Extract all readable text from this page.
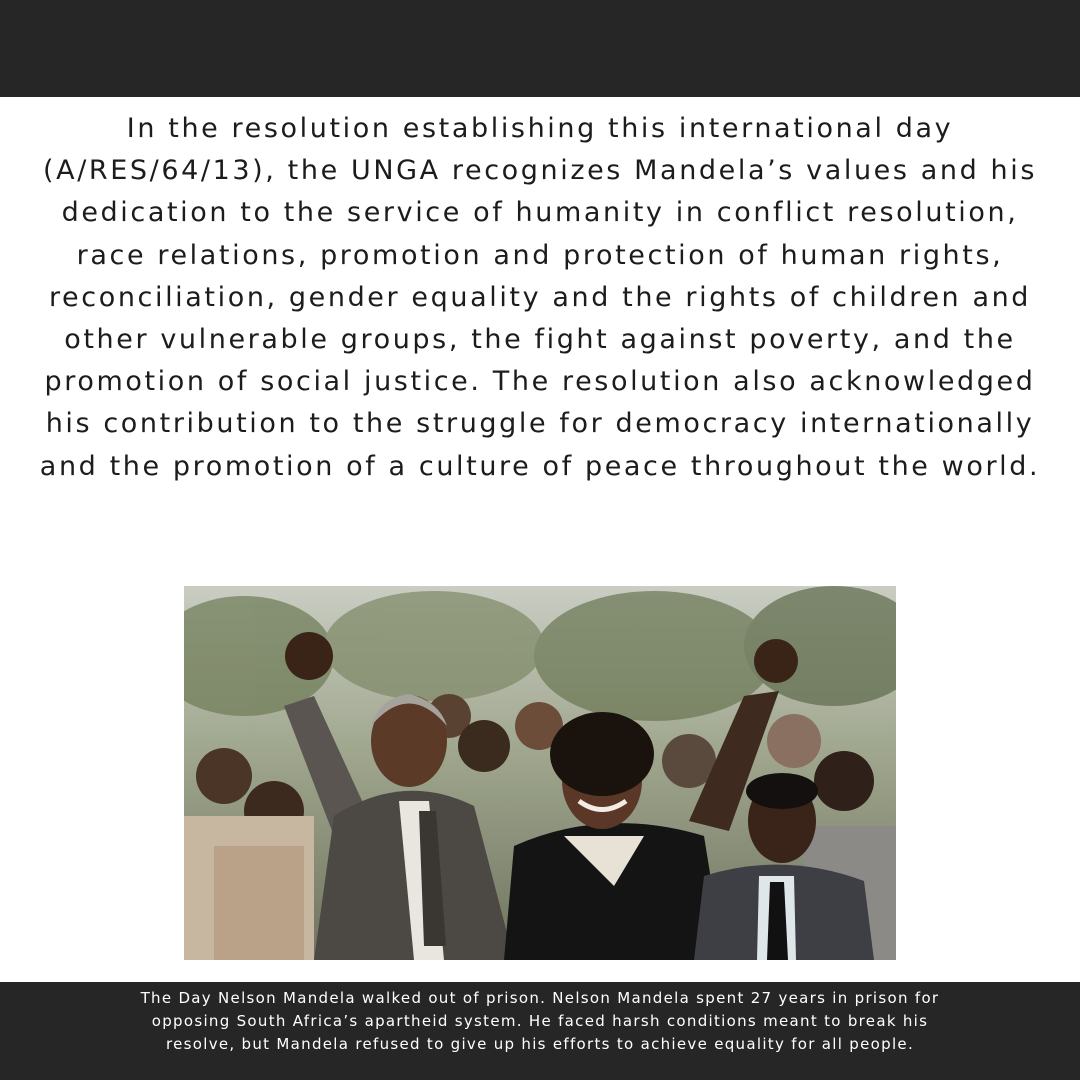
In the resolution establishing this international day (A/RES/64/13), the UNGA recognizes Mandela’s values and his dedication to the service of humanity in conflict resolution, race relations, promotion and protection of human rights, reconciliation, gender equality and the rights of children and other vulnerable groups, the fight against poverty, and the promotion of social justice. The resolution also acknowledged his contribution to the struggle for democracy internationally and the promotion of a culture of peace throughout the world.

The Day Nelson Mandela walked out of prison. Nelson Mandela spent 27 years in prison for opposing South Africa’s apartheid system. He faced harsh conditions meant to break his resolve, but Mandela refused to give up his efforts to achieve equality for all people.
